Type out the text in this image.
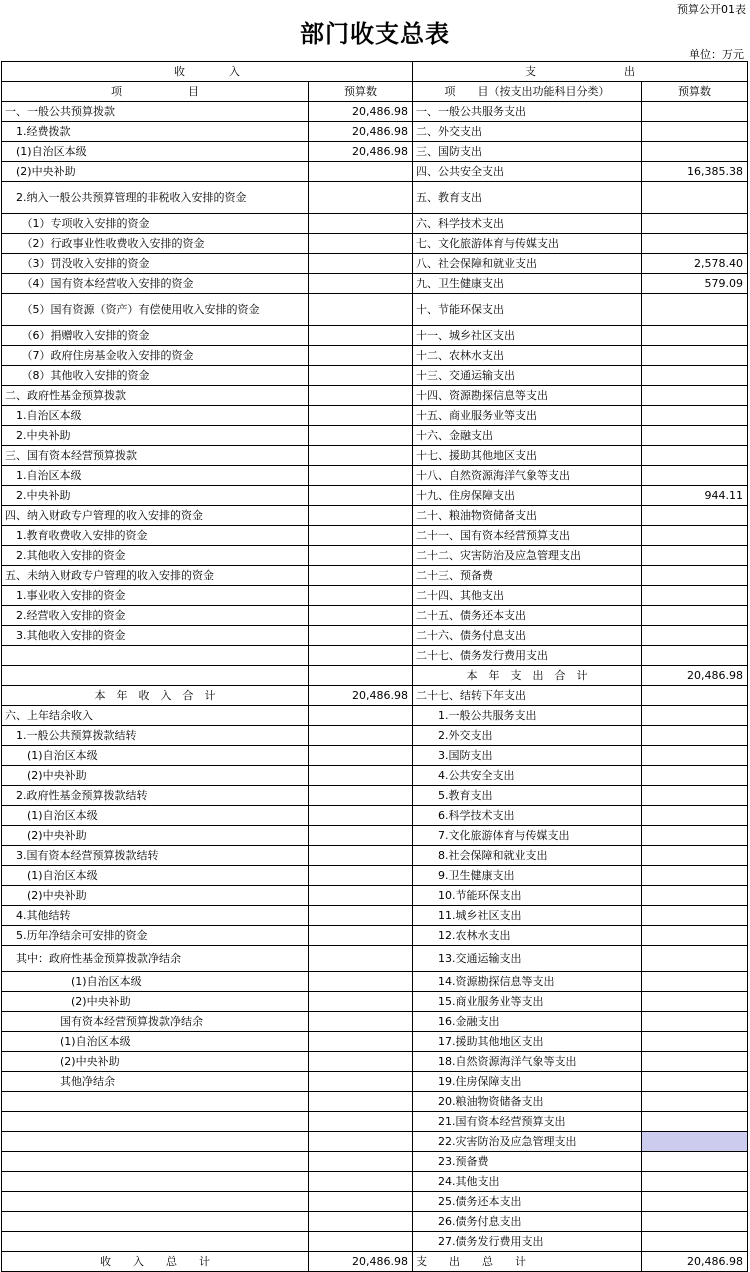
预算公开01表
部门收支总表
单位：万元
收　　　　入		支　　　　　　　　出	
项　　　　　　目	预算数	项　　目（按支出功能科目分类）	预算数
一、一般公共预算拨款	20,486.98	一、一般公共服务支出	
　1.经费拨款	20,486.98	二、外交支出	
　(1)自治区本级	20,486.98	三、国防支出	
　(2)中央补助		四、公共安全支出	16,385.38
　2.纳入一般公共预算管理的非税收入安排的资金		五、教育支出	
　　（1）专项收入安排的资金		六、科学技术支出	
　　（2）行政事业性收费收入安排的资金		七、文化旅游体育与传媒支出	
　　（3）罚没收入安排的资金		八、社会保障和就业支出	2,578.40
　　（4）国有资本经营收入安排的资金		九、卫生健康支出	579.09
　　（5）国有资源（资产）有偿使用收入安排的资金		十、节能环保支出	
　　（6）捐赠收入安排的资金		十一、城乡社区支出	
　　（7）政府住房基金收入安排的资金		十二、农林水支出	
　　（8）其他收入安排的资金		十三、交通运输支出	
二、政府性基金预算拨款		十四、资源勘探信息等支出	
　1.自治区本级		十五、商业服务业等支出	
　2.中央补助		十六、金融支出	
三、国有资本经营预算拨款		十七、援助其他地区支出	
　1.自治区本级		十八、自然资源海洋气象等支出	
　2.中央补助		十九、住房保障支出	944.11
四、纳入财政专户管理的收入安排的资金		二十、粮油物资储备支出	
　1.教育收费收入安排的资金		二十一、国有资本经营预算支出	
　2.其他收入安排的资金		二十二、灾害防治及应急管理支出	
五、未纳入财政专户管理的收入安排的资金		二十三、预备费	
　1.事业收入安排的资金		二十四、其他支出	
　2.经营收入安排的资金		二十五、债务还本支出	
　3.其他收入安排的资金		二十六、债务付息支出	
		二十七、债务发行费用支出	
		本　年　支　出　合　计	20,486.98
本　年　收　入　合　计	20,486.98	二十七、结转下年支出	
六、上年结余收入		　　1.一般公共服务支出	
　1.一般公共预算拨款结转		　　2.外交支出	
　　(1)自治区本级		　　3.国防支出	
　　(2)中央补助		　　4.公共安全支出	
　2.政府性基金预算拨款结转		　　5.教育支出	
　　(1)自治区本级		　　6.科学技术支出	
　　(2)中央补助		　　7.文化旅游体育与传媒支出	
　3.国有资本经营预算拨款结转		　　8.社会保障和就业支出	
　　(1)自治区本级		　　9.卫生健康支出	
　　(2)中央补助		　　10.节能环保支出	
　4.其他结转		　　11.城乡社区支出	
　5.历年净结余可安排的资金		　　12.农林水支出	
　其中：政府性基金预算拨款净结余		　　13.交通运输支出	
　　　　　　(1)自治区本级		　　14.资源勘探信息等支出	
　　　　　　(2)中央补助		　　15.商业服务业等支出	
　　　　　国有资本经营预算拨款净结余		　　16.金融支出	
　　　　　(1)自治区本级		　　17.援助其他地区支出	
　　　　　(2)中央补助		　　18.自然资源海洋气象等支出	
　　　　　其他净结余		　　19.住房保障支出	
		　　20.粮油物资储备支出	
		　　21.国有资本经营预算支出	
		　　22.灾害防治及应急管理支出	
		　　23.预备费	
		　　24.其他支出	
		　　25.债务还本支出	
		　　26.债务付息支出	
		　　27.债务发行费用支出	
收　　入　　总　　计	20,486.98	支　　出　　总　　计	20,486.98
